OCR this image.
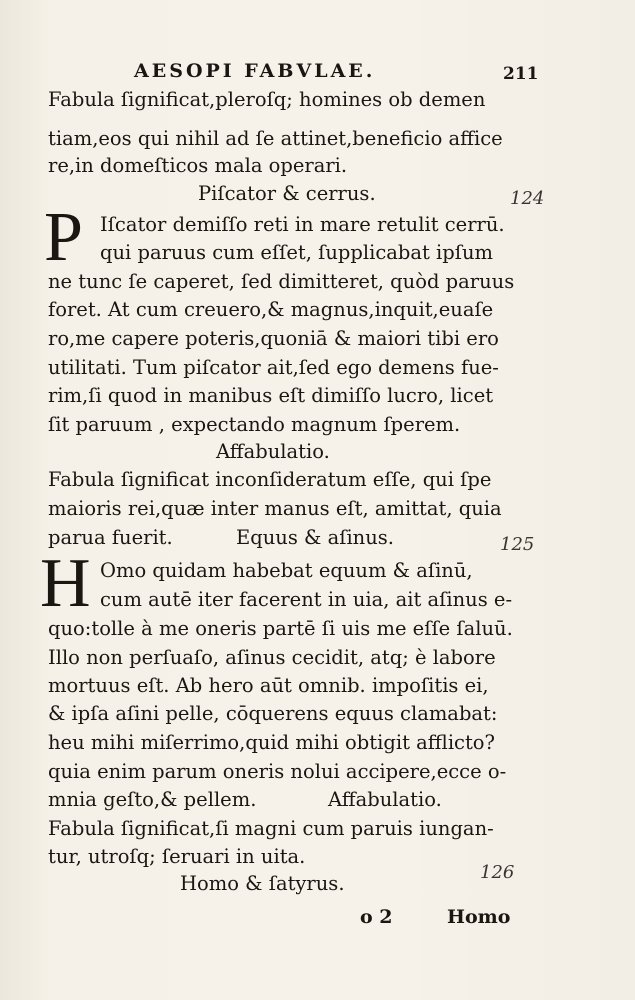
AESOPI FABVLAE.	211
Fabula ſignificat,pleroſq; homines ob demen
tiam,eos qui nihil ad ſe attinet,beneficio affice
re,in domeſticos mala operari.
Piſcator & cerrus.	124
P Iſcator demiſſo reti in mare retulit cerrū.
qui paruus cum eſſet, ſupplicabat ipſum
ne tunc ſe caperet, ſed dimitteret, quòd paruus
foret. At cum creuero,& magnus,inquit,euaſe
ro,me capere poteris,quoniā & maiori tibi ero
utilitati. Tum piſcator ait,ſed ego demens fue-
rim,ſi quod in manibus eſt dimiſſo lucro, licet
ſit paruum , expectando magnum ſperem.
Affabulatio.
Fabula ſignificat inconſideratum eſſe, qui ſpe
maioris rei,quæ inter manus eſt, amittat, quia
parua fuerit.	Equus & aſinus.	125
H Omo quidam habebat equum & aſinū,
cum autē iter facerent in uia, ait aſinus e-
quo:tolle à me oneris partē ſi uis me eſſe ſaluū.
Illo non perſuaſo, aſinus cecidit, atq; è labore
mortuus eſt. Ab hero aūt omnib. impoſitis ei,
& ipſa aſini pelle, cōquerens equus clamabat:
heu mihi miſerrimo,quid mihi obtigit afflicto?
quia enim parum oneris nolui accipere,ecce o-
mnia geſto,& pellem.	Affabulatio.
Fabula ſignificat,ſi magni cum paruis iungan-
tur, utroſq; ſeruari in uita.
126
Homo & ſatyrus.
o 2	Homo
